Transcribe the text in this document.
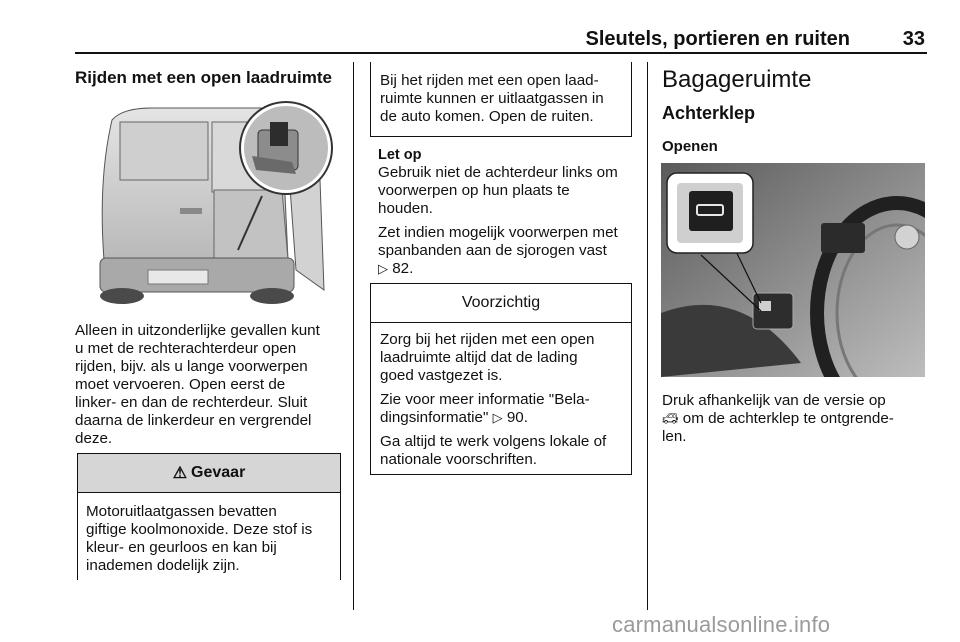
Sleutels, portieren en ruiten	33
Rijden met een open laadruimte
Alleen in uitzonderlijke gevallen kunt
u met de rechterachterdeur open
rijden, bijv. als u lange voorwerpen
moet vervoeren. Open eerst de
linker- en dan de rechterdeur. Sluit
daarna de linkerdeur en vergrendel
deze.
⚠ Gevaar
Motoruitlaatgassen bevatten
giftige koolmonoxide. Deze stof is
kleur- en geurloos en kan bij
inademen dodelijk zijn.
Bij het rijden met een open laad-
ruimte kunnen er uitlaatgassen in
de auto komen. Open de ruiten.
Let op
Gebruik niet de achterdeur links om
voorwerpen op hun plaats te
houden.
Zet indien mogelijk voorwerpen met
spanbanden aan de sjorogen vast
▷ 82.
Voorzichtig

Zorg bij het rijden met een open
laadruimte altijd dat de lading
goed vastgezet is.

Zie voor meer informatie "Bela-
dingsinformatie" ▷ 90.

Ga altijd te werk volgens lokale of
nationale voorschriften.

Bagageruimte
Achterklep
Openen
Druk afhankelijk van de versie op
🚙︎ om de achterklep te ontgrende-
len.
carmanualsonline.info
